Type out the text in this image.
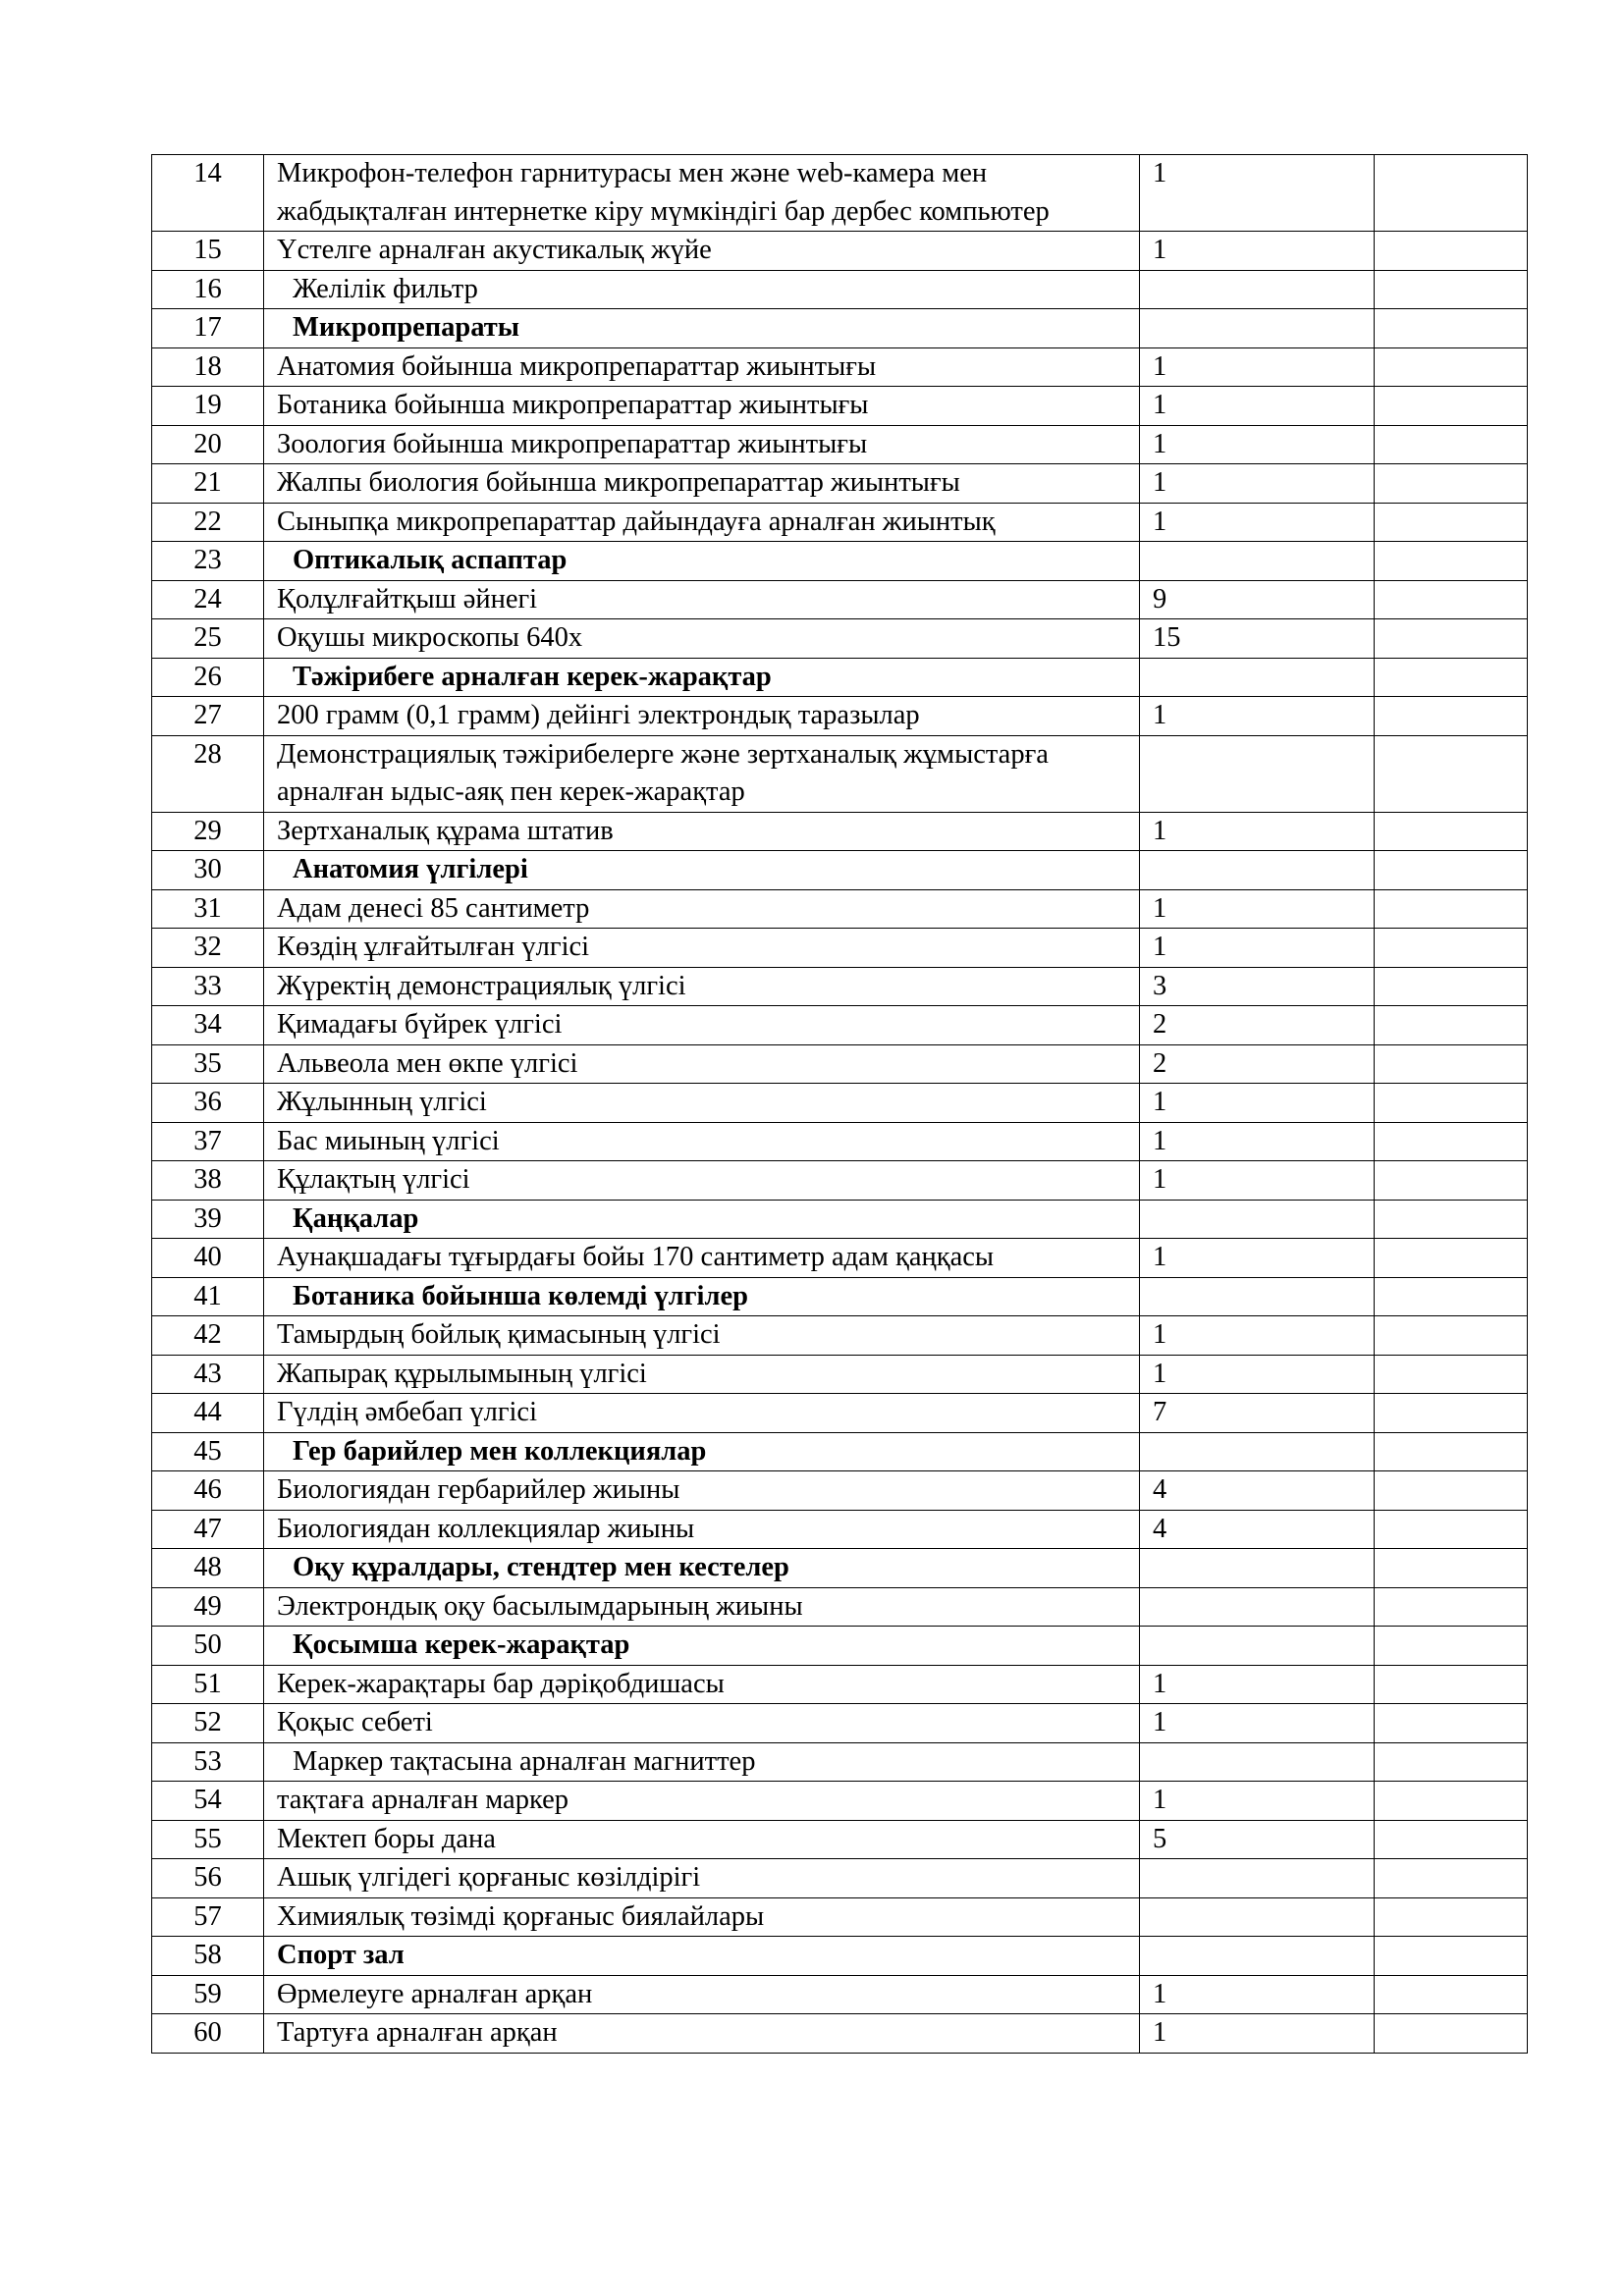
14	Микрофон-телефон гарнитурасы мен және web-камера мен жабдықталған интернетке кіру мүмкіндігі бар дербес компьютер	1	
15	Үстелге арналған акустикалық жүйе	1	
16	Желілік фильтр		
17	Микропрепараты		
18	Анатомия бойынша микропрепараттар жиынтығы	1	
19	Ботаника бойынша микропрепараттар жиынтығы	1	
20	Зоология бойынша микропрепараттар жиынтығы	1	
21	Жалпы биология бойынша микропрепараттар жиынтығы	1	
22	Сыныпқа микропрепараттар дайындауға арналған жиынтық	1	
23	Оптикалық аспаптар		
24	Қолұлғайтқыш әйнегі	9	
25	Оқушы микроскопы 640х	15	
26	Тәжірибеге арналған керек-жарақтар		
27	200 грамм (0,1 грамм) дейінгі электрондық таразылар	1	
28	Демонстрациялық тәжірибелерге және зертханалық жұмыстарға арналған ыдыс-аяқ пен керек-жарақтар		
29	Зертханалық құрама штатив	1	
30	Анатомия үлгілері		
31	Адам денесі 85 сантиметр	1	
32	Көздің ұлғайтылған үлгісі	1	
33	Жүректің демонстрациялық үлгісі	3	
34	Қимадағы бүйрек үлгісі	2	
35	Альвеола мен өкпе үлгісі	2	
36	Жұлынның үлгісі	1	
37	Бас миының үлгісі	1	
38	Құлақтың үлгісі	1	
39	Қаңқалар		
40	Аунақшадағы тұғырдағы бойы 170 сантиметр адам қаңқасы	1	
41	Ботаника бойынша көлемді үлгілер		
42	Тамырдың бойлық қимасының үлгісі	1	
43	Жапырақ құрылымының үлгісі	1	
44	Гүлдің әмбебап үлгісі	7	
45	Гер барийлер мен коллекциялар		
46	Биологиядан гербарийлер жиыны	4	
47	Биологиядан коллекциялар жиыны	4	
48	Оқу құралдары, стендтер мен кестелер		
49	Электрондық оқу басылымдарының жиыны		
50	Қосымша керек-жарақтар		
51	Керек-жарақтары бар дәріқобдишасы	1	
52	Қоқыс себеті	1	
53	Маркер тақтасына арналған магниттер		
54	тақтаға арналған маркер	1	
55	Мектеп боры дана	5	
56	Ашық үлгідегі қорғаныс көзілдірігі		
57	Химиялық төзімді қорғаныс биялайлары		
58	Спорт зал		
59	Өрмелеуге арналған арқан	1	
60	Тартуға арналған арқан	1	
